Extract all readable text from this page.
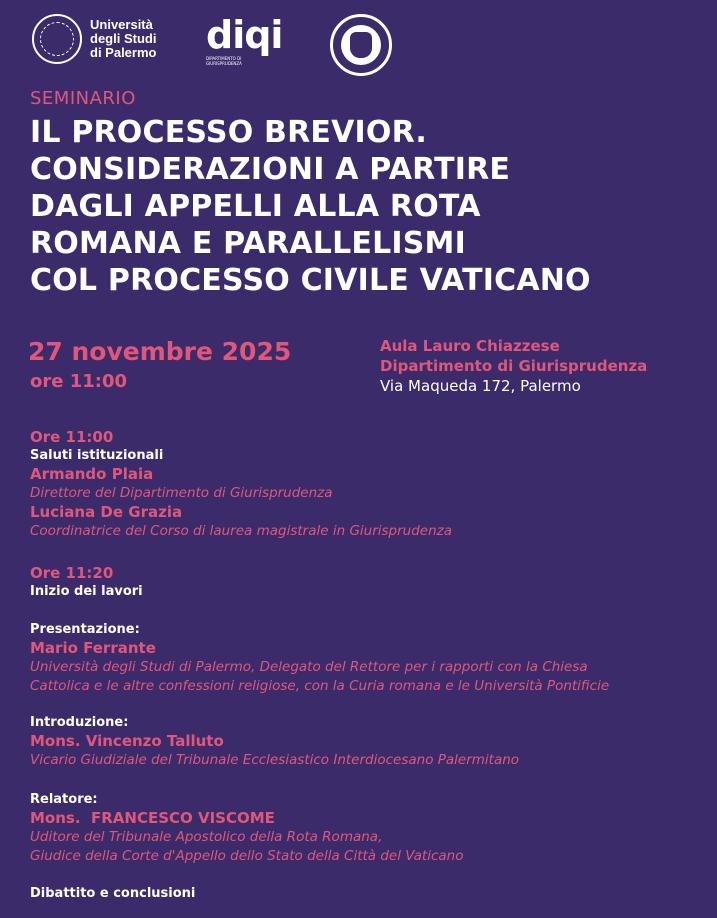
Università
degli Studi
di Palermo diqi
DIPARTIMENTO DI GIURISPRUDENZA
SEMINARIO
IL PROCESSO BREVIOR.
CONSIDERAZIONI A PARTIRE
DAGLI APPELLI ALLA ROTA
ROMANA E PARALLELISMI
COL PROCESSO CIVILE VATICANO
27 novembre 2025
ore 11:00
Aula Lauro Chiazzese
Dipartimento di Giurisprudenza
Via Maqueda 172, Palermo
Ore 11:00
Saluti istituzionali
Armando Plaia
Direttore del Dipartimento di Giurisprudenza
Luciana De Grazia
Coordinatrice del Corso di laurea magistrale in Giurisprudenza
Ore 11:20
Inizio dei lavori
Presentazione:
Mario Ferrante
Università degli Studi di Palermo, Delegato del Rettore per i rapporti con la Chiesa
Cattolica e le altre confessioni religiose, con la Curia romana e le Università Pontificie
Introduzione:
Mons. Vincenzo Talluto
Vicario Giudiziale del Tribunale Ecclesiastico Interdiocesano Palermitano
Relatore:
Mons.  FRANCESCO VISCOME
Uditore del Tribunale Apostolico della Rota Romana,
Giudice della Corte d'Appello dello Stato della Città del Vaticano
Dibattito e conclusioni
